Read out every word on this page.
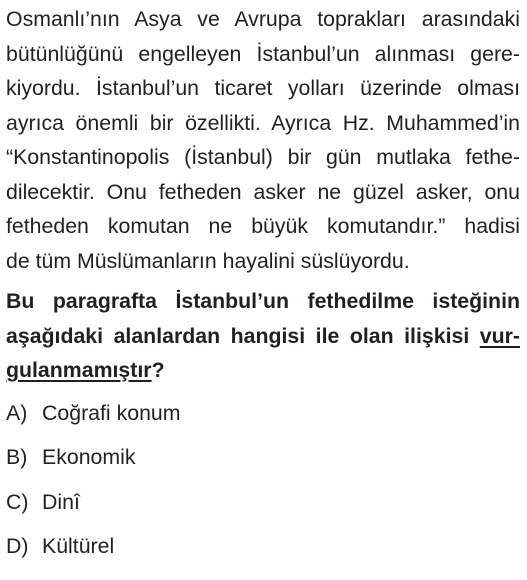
Osmanlı’nın Asya ve Avrupa toprakları arasındaki
bütünlüğünü engelleyen İstanbul’un alınması gere-
kiyordu. İstanbul’un ticaret yolları üzerinde olması
ayrıca önemli bir özellikti. Ayrıca Hz. Muhammed’in
“Konstantinopolis (İstanbul) bir gün mutlaka fethe-
dilecektir. Onu fetheden asker ne güzel asker, onu
fetheden komutan ne büyük komutandır.” hadisi
de tüm Müslümanların hayalini süslüyordu.

Bu paragrafta İstanbul’un fethedilme isteğinin
aşağıdaki alanlardan hangisi ile olan ilişkisi vur-
gulanmamıştır?

A) Coğrafi konum
B) Ekonomik
C) Dinî
D) Kültürel
